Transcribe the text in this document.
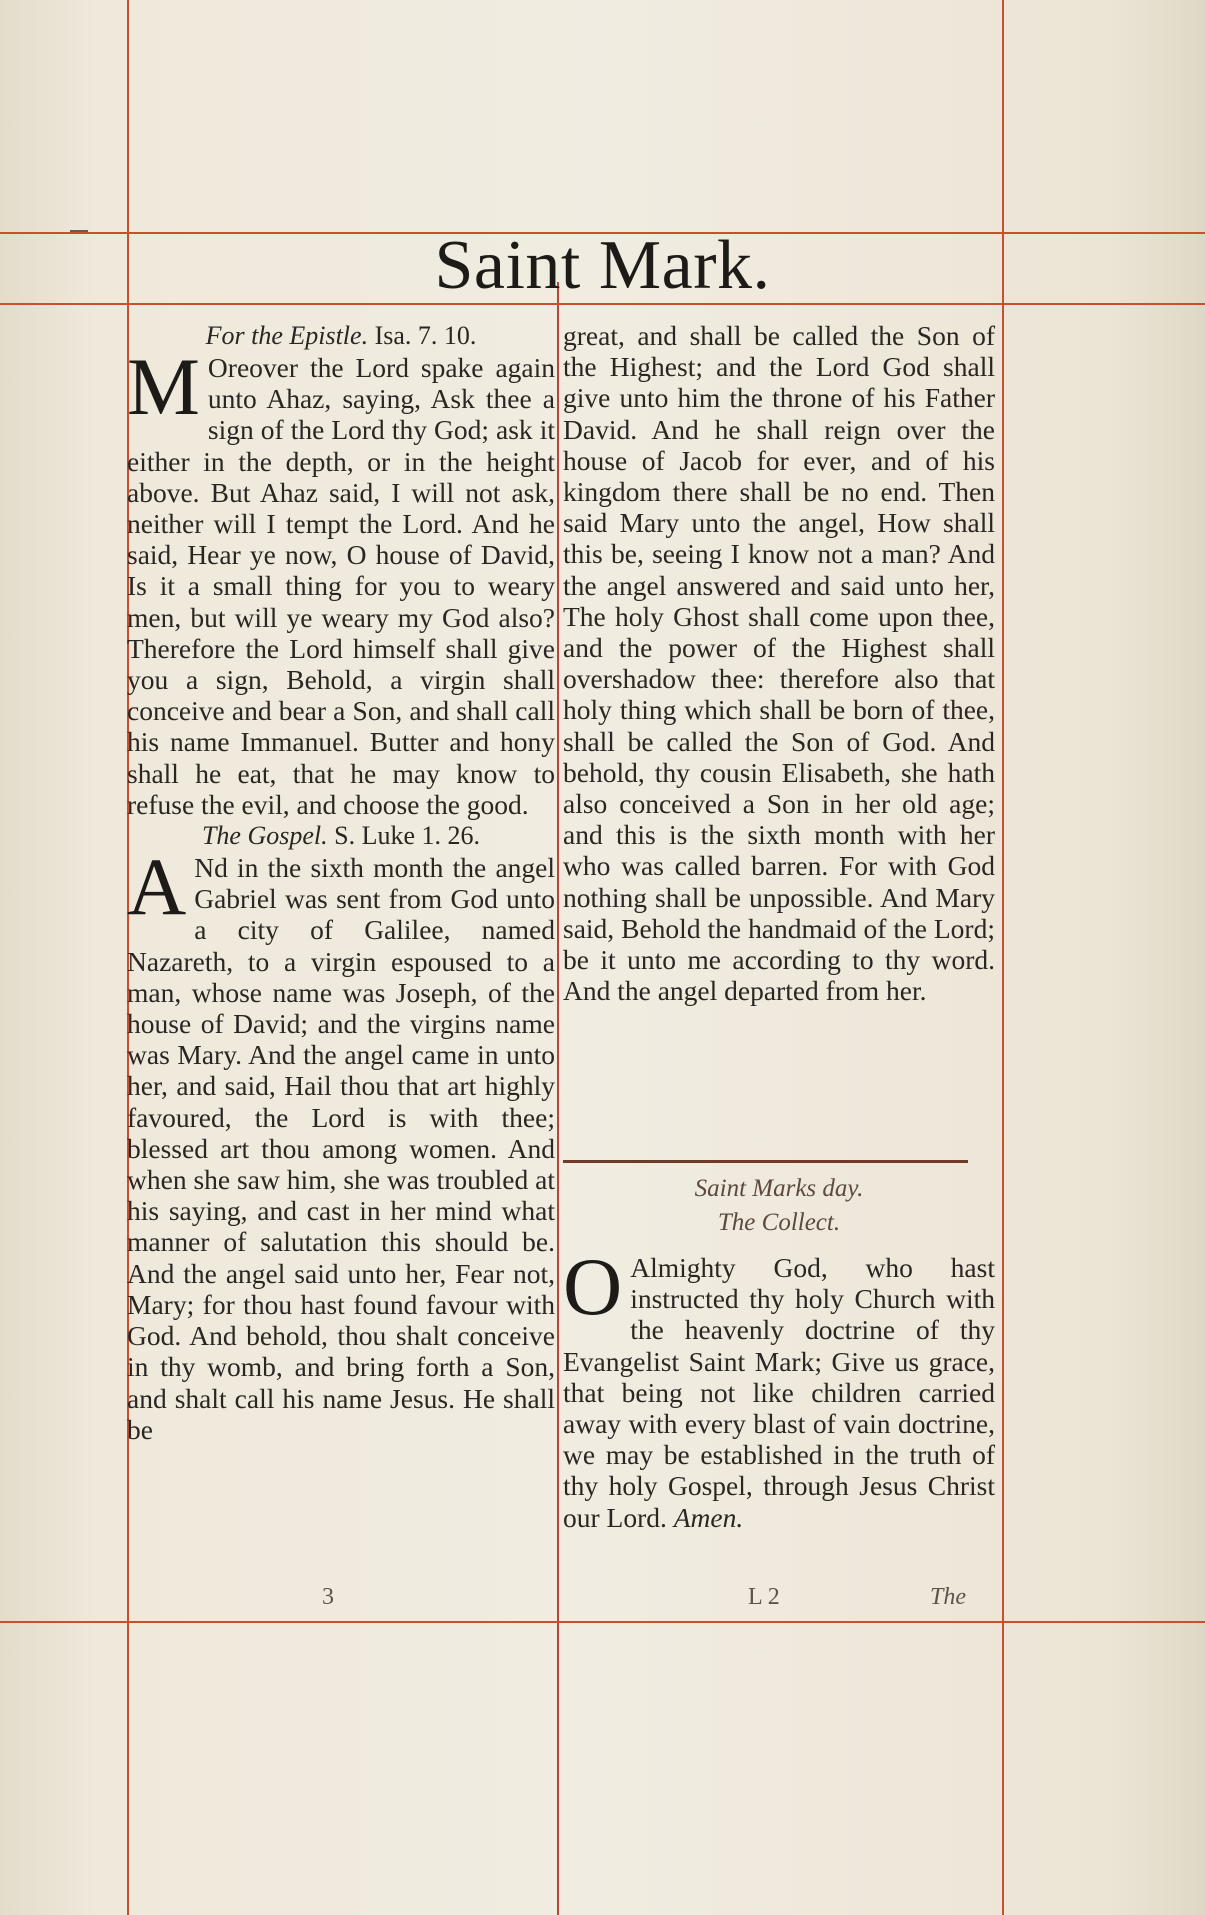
Saint Mark.
For the Epistle. Isa. 7. 10.

M Oreover the Lord spake again unto Ahaz, saying, Ask thee a sign of the Lord thy God; ask it either in the depth, or in the height above. But Ahaz said, I will not ask, neither will I tempt the Lord. And he said, Hear ye now, O house of David, Is it a small thing for you to weary men, but will ye weary my God also? Therefore the Lord himself shall give you a sign, Behold, a virgin shall conceive and bear a Son, and shall call his name Immanuel. Butter and hony shall he eat, that he may know to refuse the evil, and choose the good.

The Gospel. S. Luke 1. 26.

A Nd in the sixth month the angel Gabriel was sent from God unto a city of Galilee, named Nazareth, to a virgin espoused to a man, whose name was Joseph, of the house of David; and the virgins name was Mary. And the angel came in unto her, and said, Hail thou that art highly favoured, the Lord is with thee; blessed art thou among women. And when she saw him, she was troubled at his saying, and cast in her mind what manner of salutation this should be. And the angel said unto her, Fear not, Mary; for thou hast found favour with God. And behold, thou shalt conceive in thy womb, and bring forth a Son, and shalt call his name Jesus. He shall be

great, and shall be called the Son of the Highest; and the Lord God shall give unto him the throne of his Father David. And he shall reign over the house of Jacob for ever, and of his kingdom there shall be no end. Then said Mary unto the angel, How shall this be, seeing I know not a man? And the angel answered and said unto her, The holy Ghost shall come upon thee, and the power of the Highest shall overshadow thee: therefore also that holy thing which shall be born of thee, shall be called the Son of God. And behold, thy cousin Elisabeth, she hath also conceived a Son in her old age; and this is the sixth month with her who was called barren. For with God nothing shall be unpossible. And Mary said, Behold the handmaid of the Lord; be it unto me according to thy word. And the angel departed from her.

Saint Marks day.
The Collect.

O Almighty God, who hast instructed thy holy Church with the heavenly doctrine of thy Evangelist Saint Mark; Give us grace, that being not like children carried away with every blast of vain doctrine, we may be established in the truth of thy holy Gospel, through Jesus Christ our Lord. Amen.

3	L 2	The
